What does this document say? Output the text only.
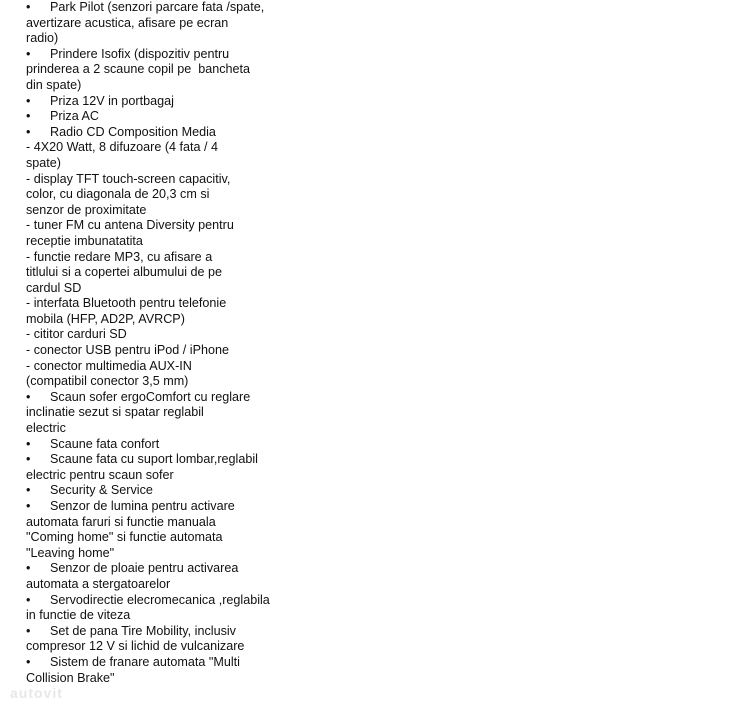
•	Park Pilot (senzori parcare fata /spate,
avertizare acustica, afisare pe ecran
radio)
•	Prindere Isofix (dispozitiv pentru
prinderea a 2 scaune copil pe  bancheta
din spate)
•	Priza 12V in portbagaj
•	Priza AC
•	Radio CD Composition Media
- 4X20 Watt, 8 difuzoare (4 fata / 4
spate)
- display TFT touch-screen capacitiv,
color, cu diagonala de 20,3 cm si
senzor de proximitate
- tuner FM cu antena Diversity pentru
receptie imbunatatita
- functie redare MP3, cu afisare a
titlului si a copertei albumului de pe
cardul SD
- interfata Bluetooth pentru telefonie
mobila (HFP, AD2P, AVRCP)
- cititor carduri SD
- conector USB pentru iPod / iPhone
- conector multimedia AUX-IN
(compatibil conector 3,5 mm)
•	Scaun sofer ergoComfort cu reglare
inclinatie sezut si spatar reglabil
electric
•	Scaune fata confort
•	Scaune fata cu suport lombar,reglabil
electric pentru scaun sofer
•	Security & Service
•	Senzor de lumina pentru activare
automata faruri si functie manuala
"Coming home" si functie automata
"Leaving home"
•	Senzor de ploaie pentru activarea
automata a stergatoarelor
•	Servodirectie elecromecanica ,reglabila
in functie de viteza
•	Set de pana Tire Mobility, inclusiv
compresor 12 V si lichid de vulcanizare
•	Sistem de franare automata "Multi
Collision Brake"
autovit
